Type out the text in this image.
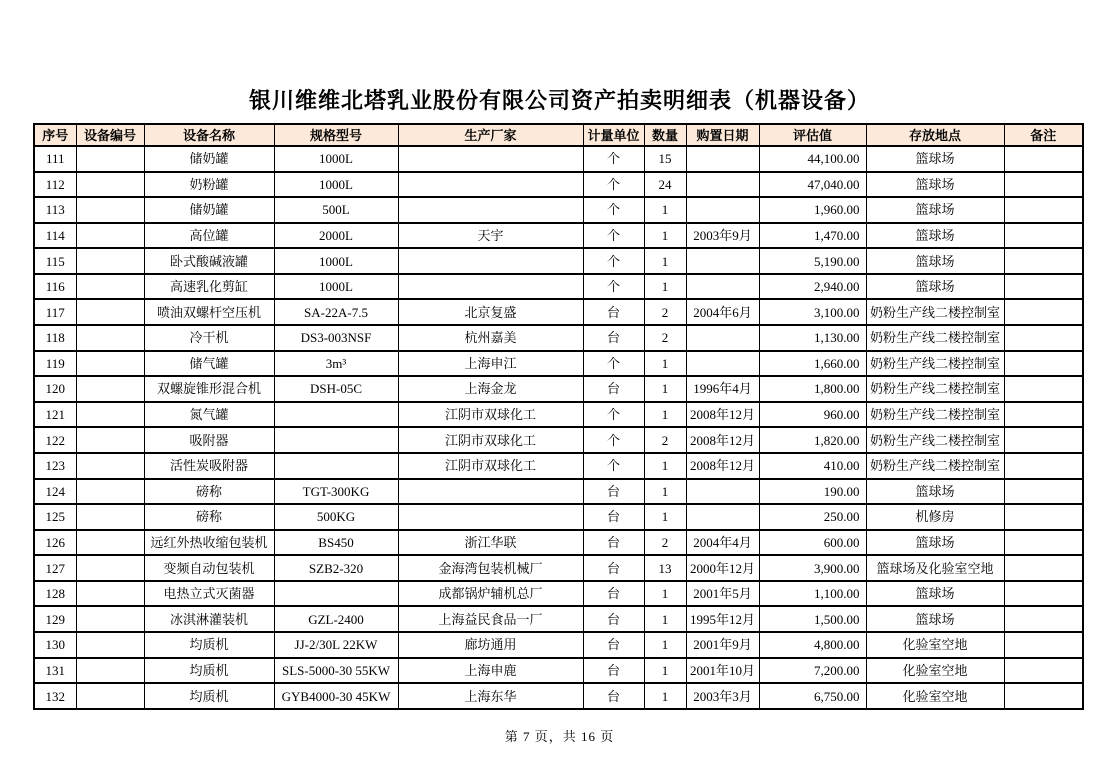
银川维维北塔乳业股份有限公司资产拍卖明细表（机器设备）
序号	设备编号	设备名称	规格型号	生产厂家	计量单位	数量	购置日期	评估值	存放地点	备注
111		储奶罐	1000L		个	15		44,100.00	篮球场	
112		奶粉罐	1000L		个	24		47,040.00	篮球场	
113		储奶罐	500L		个	1		1,960.00	篮球场	
114		高位罐	2000L	天宇	个	1	2003年9月	1,470.00	篮球场	
115		卧式酸碱液罐	1000L		个	1		5,190.00	篮球场	
116		高速乳化剪缸	1000L		个	1		2,940.00	篮球场	
117		喷油双螺杆空压机	SA-22A-7.5	北京复盛	台	2	2004年6月	3,100.00	奶粉生产线二楼控制室	
118		冷干机	DS3-003NSF	杭州嘉美	台	2		1,130.00	奶粉生产线二楼控制室	
119		储气罐	3m³	上海申江	个	1		1,660.00	奶粉生产线二楼控制室	
120		双螺旋锥形混合机	DSH-05C	上海金龙	台	1	1996年4月	1,800.00	奶粉生产线二楼控制室	
121		氮气罐		江阴市双球化工	个	1	2008年12月	960.00	奶粉生产线二楼控制室	
122		吸附器		江阴市双球化工	个	2	2008年12月	1,820.00	奶粉生产线二楼控制室	
123		活性炭吸附器		江阴市双球化工	个	1	2008年12月	410.00	奶粉生产线二楼控制室	
124		磅称	TGT-300KG		台	1		190.00	篮球场	
125		磅称	500KG		台	1		250.00	机修房	
126		远红外热收缩包装机	BS450	浙江华联	台	2	2004年4月	600.00	篮球场	
127		变频自动包装机	SZB2-320	金海湾包装机械厂	台	13	2000年12月	3,900.00	篮球场及化验室空地	
128		电热立式灭菌器		成都锅炉辅机总厂	台	1	2001年5月	1,100.00	篮球场	
129		冰淇淋灌装机	GZL-2400	上海益民食品一厂	台	1	1995年12月	1,500.00	篮球场	
130		均质机	JJ-2/30L 22KW	廊坊通用	台	1	2001年9月	4,800.00	化验室空地	
131		均质机	SLS-5000-30 55KW	上海申鹿	台	1	2001年10月	7,200.00	化验室空地	
132		均质机	GYB4000-30 45KW	上海东华	台	1	2003年3月	6,750.00	化验室空地	
第 7 页，共 16 页
